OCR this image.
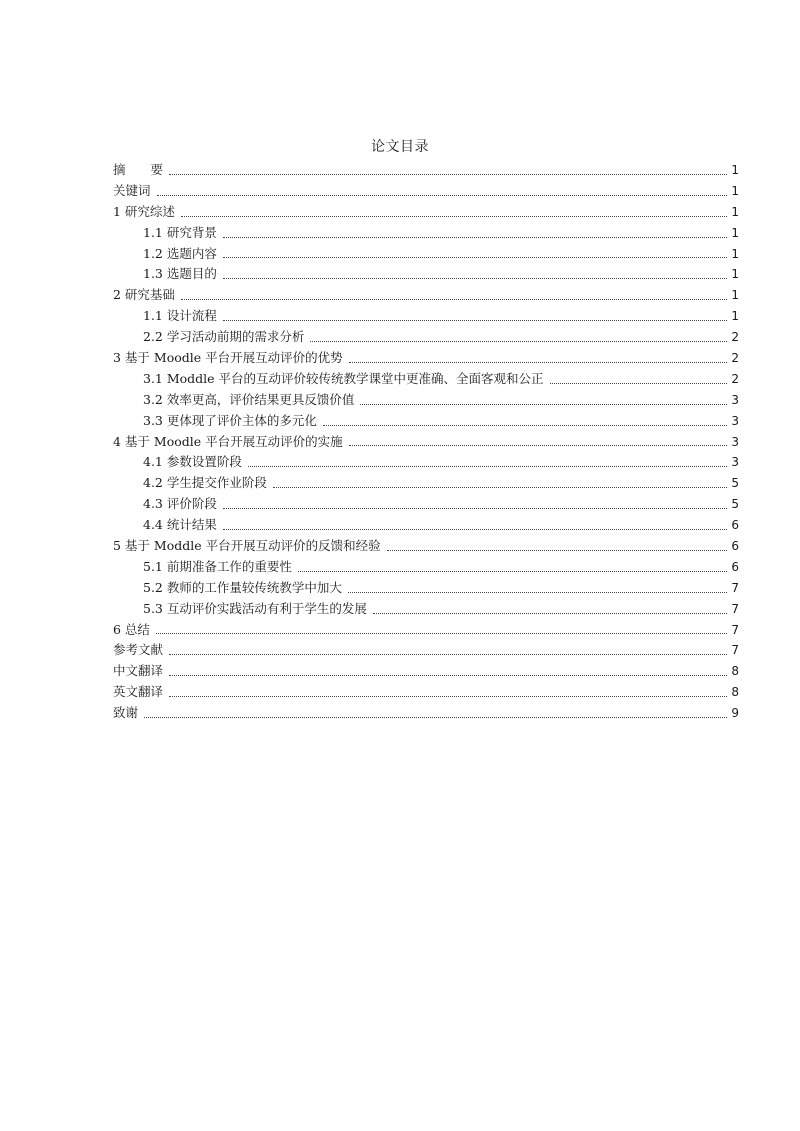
论文目录
摘　　要	1
关键词	1
1 研究综述	1
1.1 研究背景	1
1.2 选题内容	1
1.3 选题目的	1
2 研究基础	1
1.1 设计流程	1
2.2 学习活动前期的需求分析	2
3 基于 Moodle 平台开展互动评价的优势	2
3.1 Moddle 平台的互动评价较传统教学课堂中更准确、全面客观和公正	2
3.2 效率更高，评价结果更具反馈价值	3
3.3 更体现了评价主体的多元化	3
4 基于 Moodle 平台开展互动评价的实施	3
4.1 参数设置阶段	3
4.2 学生提交作业阶段	5
4.3 评价阶段	5
4.4 统计结果	6
5 基于 Moddle 平台开展互动评价的反馈和经验	6
5.1 前期准备工作的重要性	6
5.2 教师的工作量较传统教学中加大	7
5.3 互动评价实践活动有利于学生的发展	7
6 总结	7
参考文献	7
中文翻译	8
英文翻译	8
致谢	9
